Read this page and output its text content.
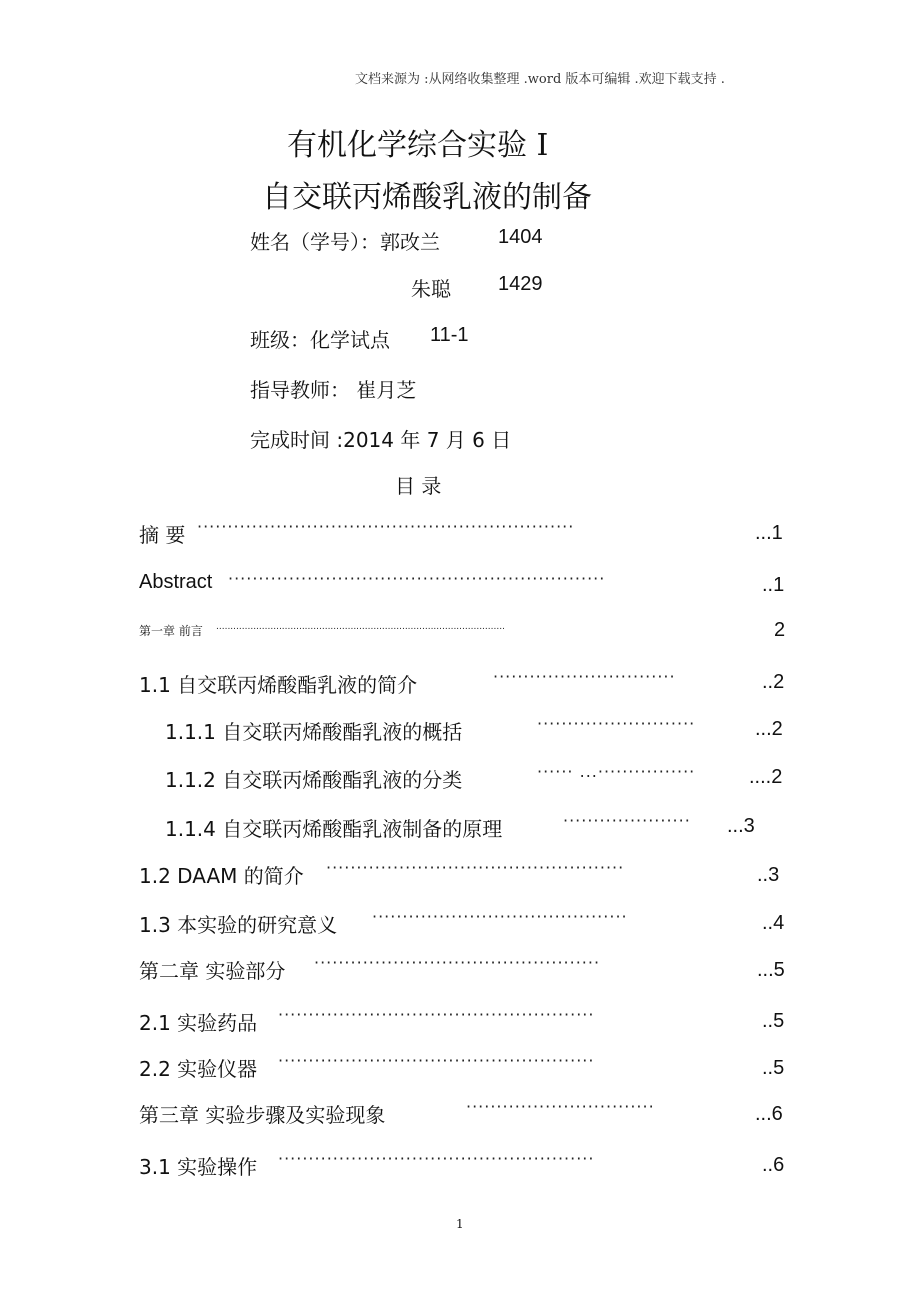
文档来源为 :从网络收集整理 .word 版本可编辑 .欢迎下载支持 .
有机化学综合实验 Ⅰ
自交联丙烯酸乳液的制备
姓名（学号）：郭改兰	1404
朱聪 1429
班级：化学试点 11-1
指导教师： 崔月芝
完成时间 :2014 年 7 月 6 日
目 录
摘 要 ······························································	...1
Abstract ······························································	..1
第一章 前言 .....................................................................................................	2
1.1 自交联丙烯酸酯乳液的简介	······························	..2
1.1.1 自交联丙烯酸酯乳液的概括	··························	...2
1.1.2 自交联丙烯酸酯乳液的分类	······ ...················	....2
1.1.4 自交联丙烯酸酯乳液制备的原理	·····················	...3
1.2 DAAM 的简介 ·················································	..3
1.3 本实验的研究意义 ··········································	..4
第二章 实验部分 ···············································	...5
2.1 实验药品 ····················································	..5
2.2 实验仪器 ····················································	..5
第三章 实验步骤及实验现象	·······························	...6
3.1 实验操作 ····················································	..6
1
